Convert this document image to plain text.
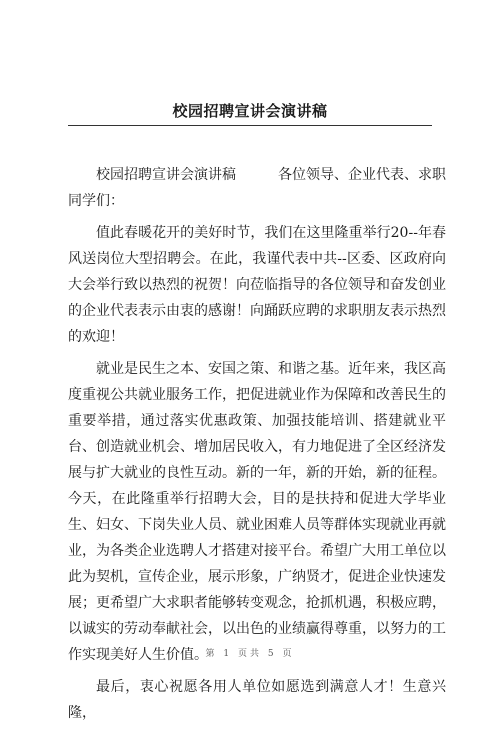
校园招聘宣讲会演讲稿

校园招聘宣讲会演讲稿　　　各位领导、企业代表、求职同学们：

值此春暖花开的美好时节，我们在这里隆重举行20--年春风送岗位大型招聘会。在此，我谨代表中共--区委、区政府向大会举行致以热烈的祝贺！向莅临指导的各位领导和奋发创业的企业代表表示由衷的感谢！向踊跃应聘的求职朋友表示热烈的欢迎！

就业是民生之本、安国之策、和谐之基。近年来，我区高度重视公共就业服务工作，把促进就业作为保障和改善民生的重要举措，通过落实优惠政策、加强技能培训、搭建就业平台、创造就业机会、增加居民收入，有力地促进了全区经济发展与扩大就业的良性互动。新的一年，新的开始，新的征程。今天，在此隆重举行招聘大会，目的是扶持和促进大学毕业生、妇女、下岗失业人员、就业困难人员等群体实现就业再就业，为各类企业选聘人才搭建对接平台。希望广大用工单位以此为契机，宣传企业，展示形象，广纳贤才，促进企业快速发展；更希望广大求职者能够转变观念，抢抓机遇，积极应聘，以诚实的劳动奉献社会，以出色的业绩赢得尊重，以努力的工作实现美好人生价值。

最后，衷心祝愿各用人单位如愿选到满意人才！生意兴隆，

第 1 页共 5 页
